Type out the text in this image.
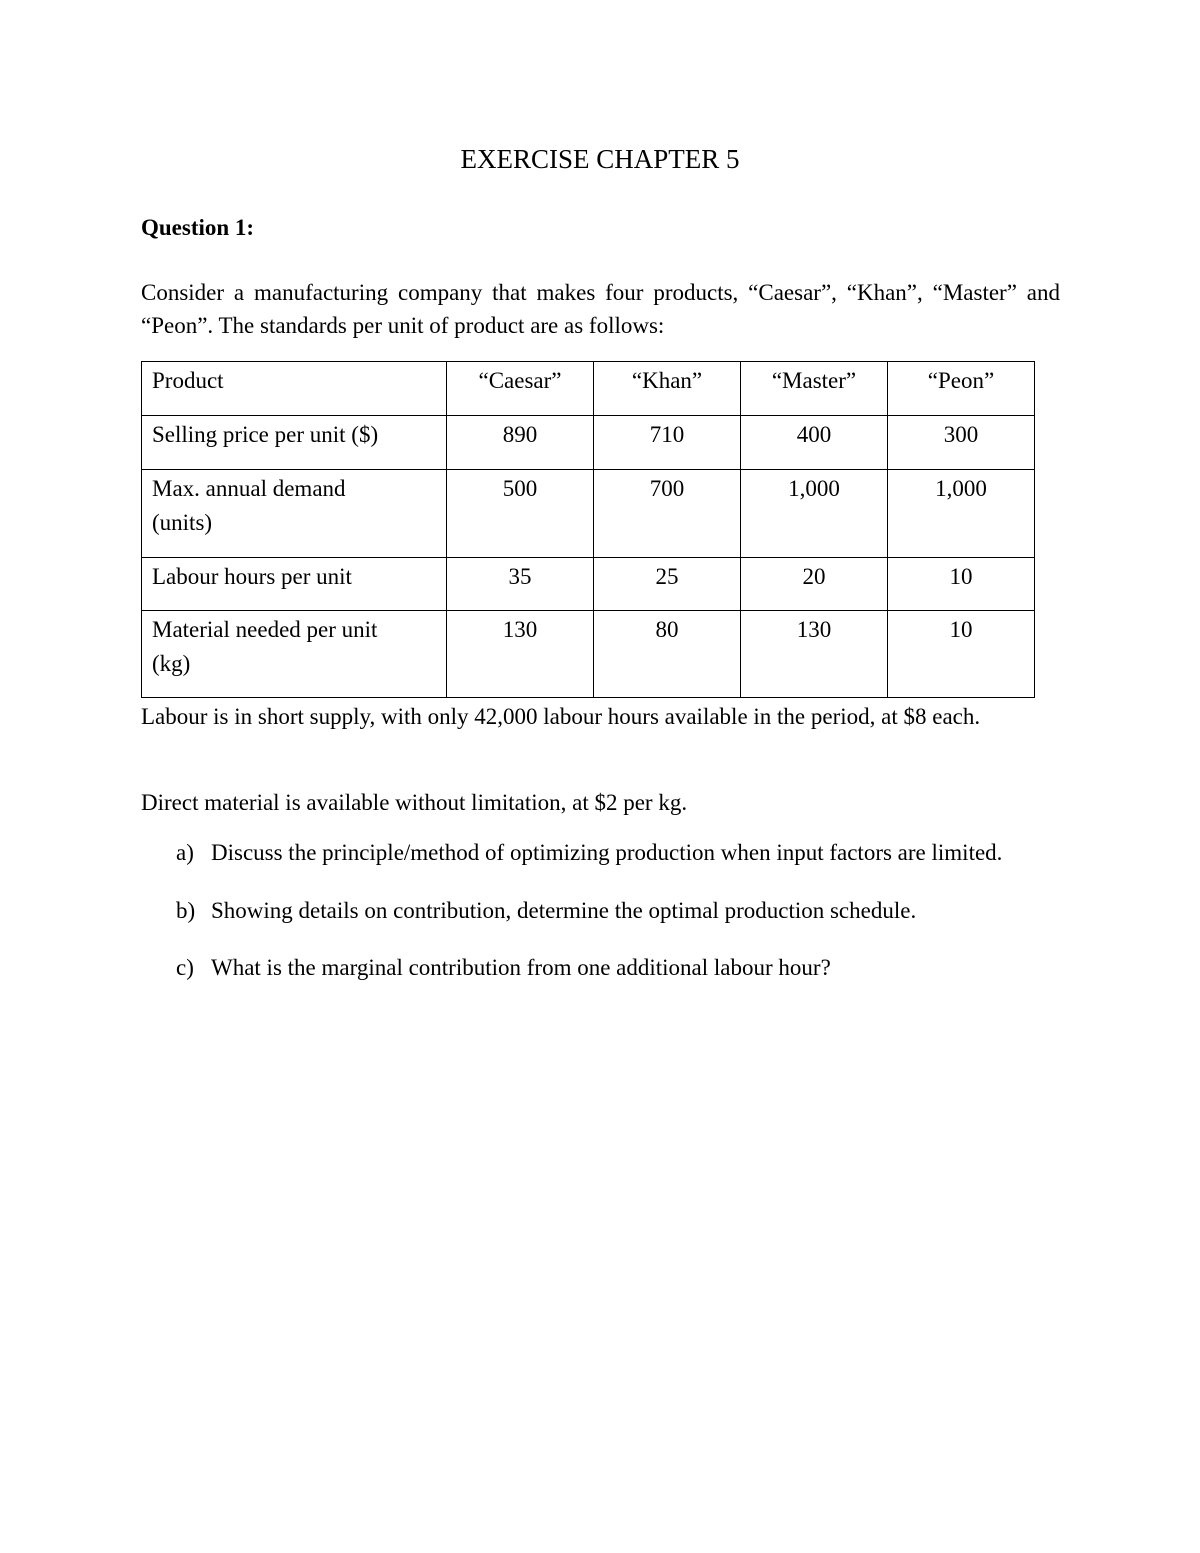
EXERCISE CHAPTER 5
Question 1:

Consider a manufacturing company that makes four products, “Caesar”, “Khan”, “Master” and “Peon”. The standards per unit of product are as follows:

Product	“Caesar”	“Khan”	“Master”	“Peon”

Selling price per unit ($)	890	710	400	300

Max. annual demand
(units)	500	700	1,000	1,000

Labour hours per unit	35	25	20	10

Material needed per unit
(kg)	130	80	130	10

Labour is in short supply, with only 42,000 labour hours available in the period, at $8 each.

Direct material is available without limitation, at $2 per kg.

a) Discuss the principle/method of optimizing production when input factors are limited.
b) Showing details on contribution, determine the optimal production schedule.
c) What is the marginal contribution from one additional labour hour?
